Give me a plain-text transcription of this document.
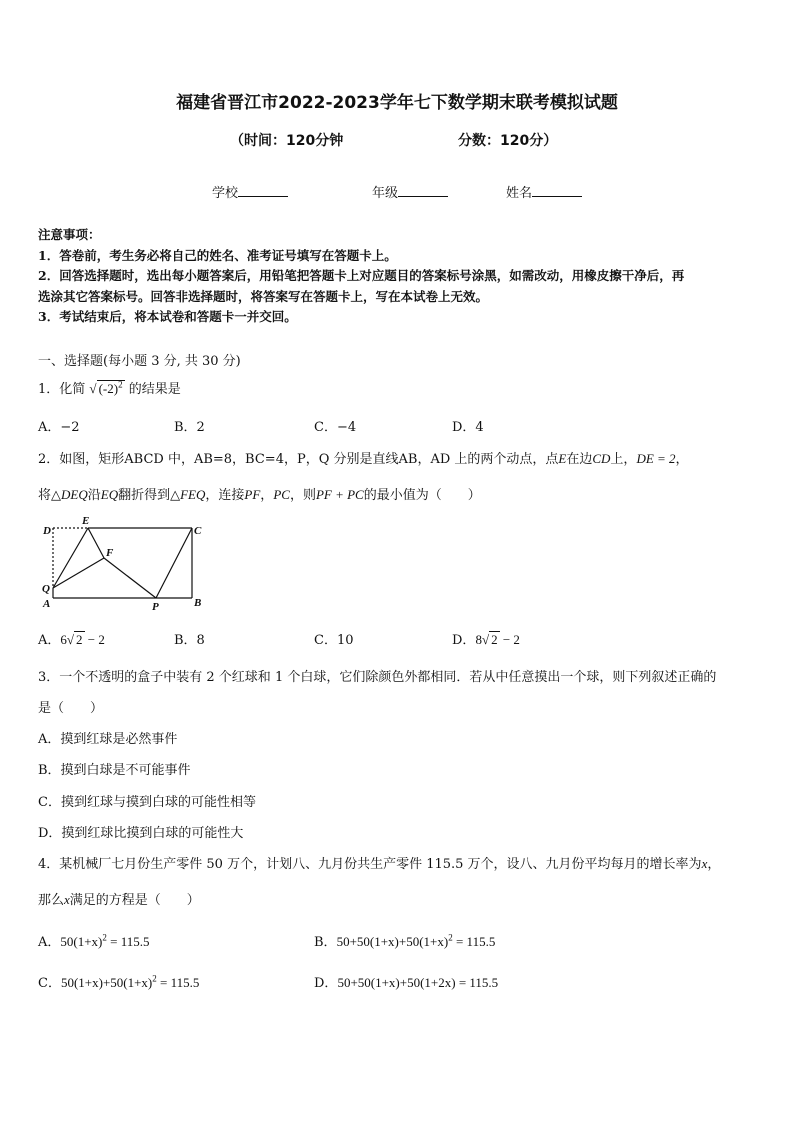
福建省晋江市2022-2023学年七下数学期末联考模拟试题
（时间：120分钟	分数：120分）
学校	年级	姓名
注意事项：
1．答卷前，考生务必将自己的姓名、准考证号填写在答题卡上。
2．回答选择题时，选出每小题答案后，用铅笔把答题卡上对应题目的答案标号涂黑，如需改动，用橡皮擦干净后，再
选涂其它答案标号。回答非选择题时，将答案写在答题卡上，写在本试卷上无效。
3．考试结束后，将本试卷和答题卡一并交回。
一、选择题(每小题 3 分, 共 30 分)
1．化简 √ $(-2)^2$ 的结果是
A．−2	B．2	C．−4	D．4
2．如图，矩形ABCD 中，AB=8，BC=4，P，Q 分别是直线AB，AD 上的两个动点，点E在边CD上，DE = 2，
将△DEQ沿EQ翻折得到△FEQ，连接PF，PC，则PF + PC的最小值为（　　）
D
E
C
F
Q
A	P	B
A．6√ 2 − 2	B．8	C．10	D．8√ 2 − 2
3．一个不透明的盒子中装有 2 个红球和 1 个白球，它们除颜色外都相同．若从中任意摸出一个球，则下列叙述正确的
是（　　）
A．摸到红球是必然事件
B．摸到白球是不可能事件
C．摸到红球与摸到白球的可能性相等
D．摸到红球比摸到白球的可能性大
4．某机械厂七月份生产零件 50 万个，计划八、九月份共生产零件 115.5 万个，设八、九月份平均每月的增长率为x，
那么x满足的方程是（　　）
A．$50(1+x)^2 = 115.5$	B．$50+50(1+x)+50(1+x)^2 = 115.5$
C．$50(1+x)+50(1+x)^2 = 115.5$	D．50+50(1+x)+50(1+2x) = 115.5
